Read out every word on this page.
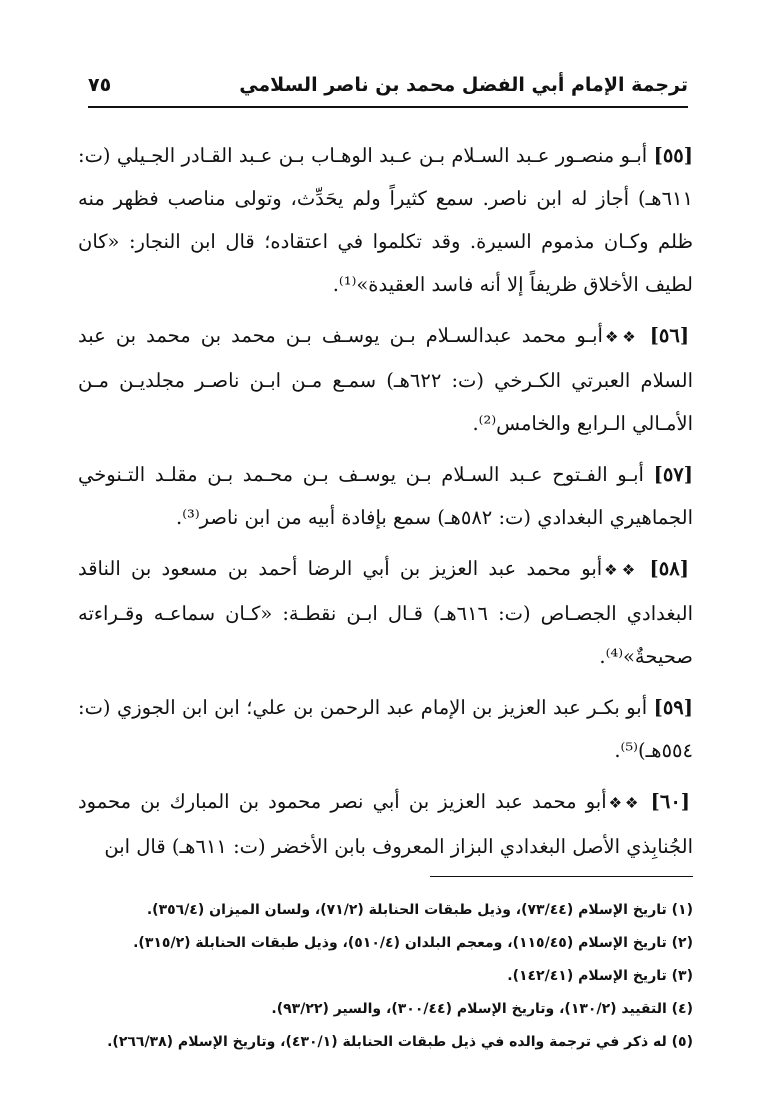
ترجمة الإمام أبي الفضل محمد بن ناصر السلامي
٧٥

[٥٥] أبـو منصـور عـبد السـلام بـن عـبد الوهـاب بـن عـبد القـادر الجـيلي (ت: ٦١١هـ) أجاز له ابن ناصر. سمع كثيراً ولم يحَدِّث، وتولى مناصب فظهر منه ظلم وكـان مذموم السيرة. وقد تكلموا في اعتقاده؛ قال ابن النجار: «كان لطيف الأخلاق ظريفاً إلا أنه فاسد العقيدة»⁽¹⁾.

[٥٦] ❖❖أبـو محمد عبدالسـلام بـن يوسـف بـن محمد بن محمد بن عبد السلام العبرتي الكـرخي (ت: ٦٢٢هـ) سمـع مـن ابـن ناصـر مجلديـن مـن الأمـالي الـرابع والخامس⁽²⁾.

[٥٧] أبـو الفـتوح عـبد السـلام بـن يوسـف بـن محـمد بـن مقلـد التـنوخي الجماهيري البغدادي (ت: ٥٨٢هـ) سمع بإفادة أبيه من ابن ناصر⁽³⁾.

[٥٨] ❖❖أبو محمد عبد العزيز بن أبي الرضا أحمد بن مسعود بن الناقد البغدادي الجصـاص (ت: ٦١٦هـ) قـال ابـن نقطـة: «كـان سماعـه وقـراءته صحيحةٌ»⁽⁴⁾.

[٥٩] أبو بكـر عبد العزيز بن الإمام عبد الرحمن بن علي؛ ابن ابن الجوزي (ت: ٥٥٤هـ)⁽⁵⁾.

[٦٠] ❖❖أبو محمد عبد العزيز بن أبي نصر محمود بن المبارك بن محمود الجُنابِذي الأصل البغدادي البزاز المعروف بابن الأخضر (ت: ٦١١هـ) قال ابن

(١) تاريخ الإسلام (٧٣/٤٤)، وذيل طبقات الحنابلة (٧١/٢)، ولسان الميزان (٣٥٦/٤).
(٢) تاريخ الإسلام (١١٥/٤٥)، ومعجم البلدان (٥١٠/٤)، وذيل طبقات الحنابلة (٣١٥/٢).
(٣) تاريخ الإسلام (١٤٢/٤١).
(٤) التقييد (١٣٠/٢)، وتاريخ الإسلام (٣٠٠/٤٤)، والسير (٩٣/٢٢).
(٥) له ذكر في ترجمة والده في ذيل طبقات الحنابلة (٤٣٠/١)، وتاريخ الإسلام (٢٦٦/٣٨).
